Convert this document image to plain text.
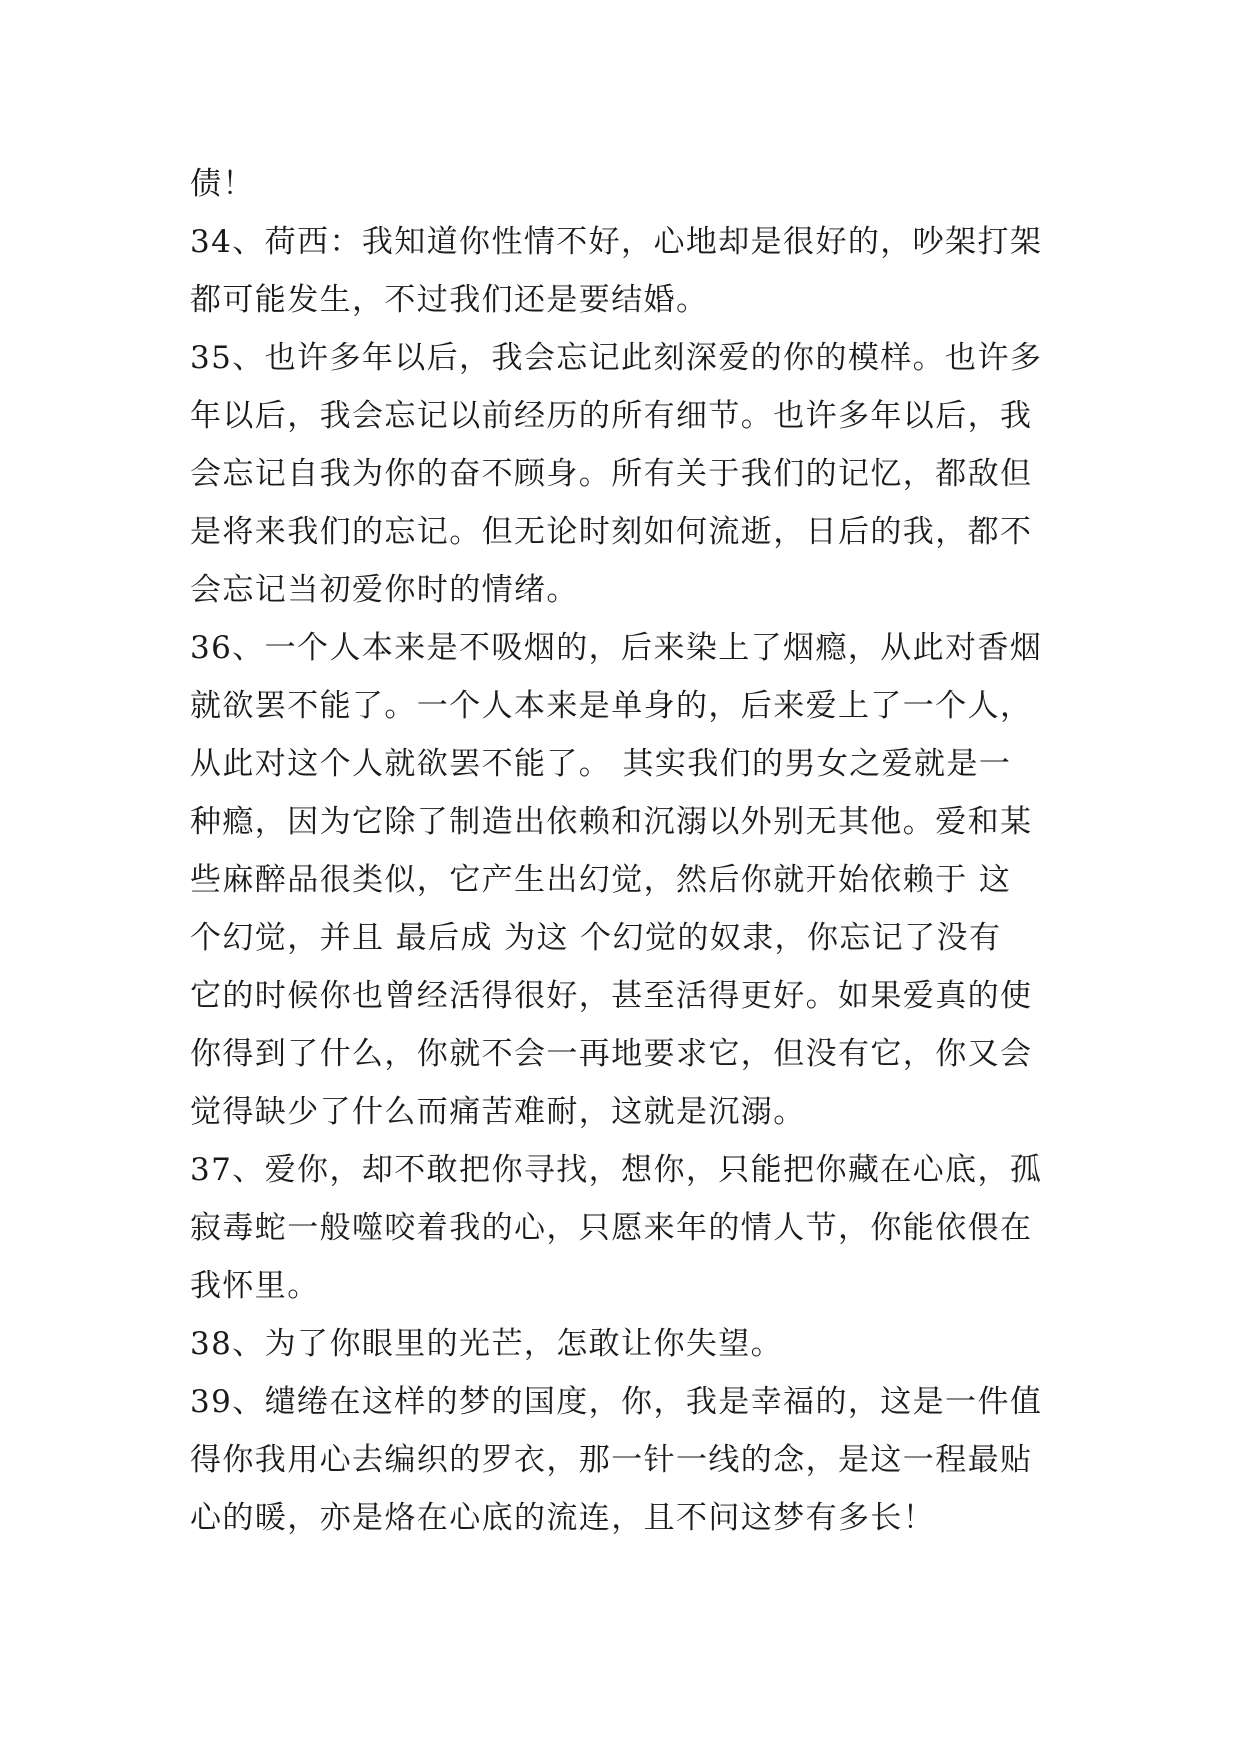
债！
34、荷西：我知道你性情不好，心地却是很好的，吵架打架
都可能发生，不过我们还是要结婚。
35、也许多年以后，我会忘记此刻深爱的你的模样。也许多
年以后，我会忘记以前经历的所有细节。也许多年以后，我
会忘记自我为你的奋不顾身。所有关于我们的记忆，都敌但
是将来我们的忘记。但无论时刻如何流逝，日后的我，都不
会忘记当初爱你时的情绪。
36、一个人本来是不吸烟的，后来染上了烟瘾，从此对香烟
就欲罢不能了。一个人本来是单身的，后来爱上了一个人，
从此对这个人就欲罢不能了。 其实我们的男女之爱就是一
种瘾，因为它除了制造出依赖和沉溺以外别无其他。爱和某
些麻醉品很类似，它产生出幻觉，然后你就开始依赖于 这
个幻觉，并且 最后成 为这 个幻觉的奴隶，你忘记了没有
它的时候你也曾经活得很好，甚至活得更好。如果爱真的使
你得到了什么，你就不会一再地要求它，但没有它，你又会
觉得缺少了什么而痛苦难耐，这就是沉溺。
37、爱你，却不敢把你寻找，想你，只能把你藏在心底，孤
寂毒蛇一般噬咬着我的心，只愿来年的情人节，你能依偎在
我怀里。
38、为了你眼里的光芒，怎敢让你失望。
39、缱绻在这样的梦的国度，你，我是幸福的，这是一件值
得你我用心去编织的罗衣，那一针一线的念，是这一程最贴
心的暖，亦是烙在心底的流连，且不问这梦有多长！
